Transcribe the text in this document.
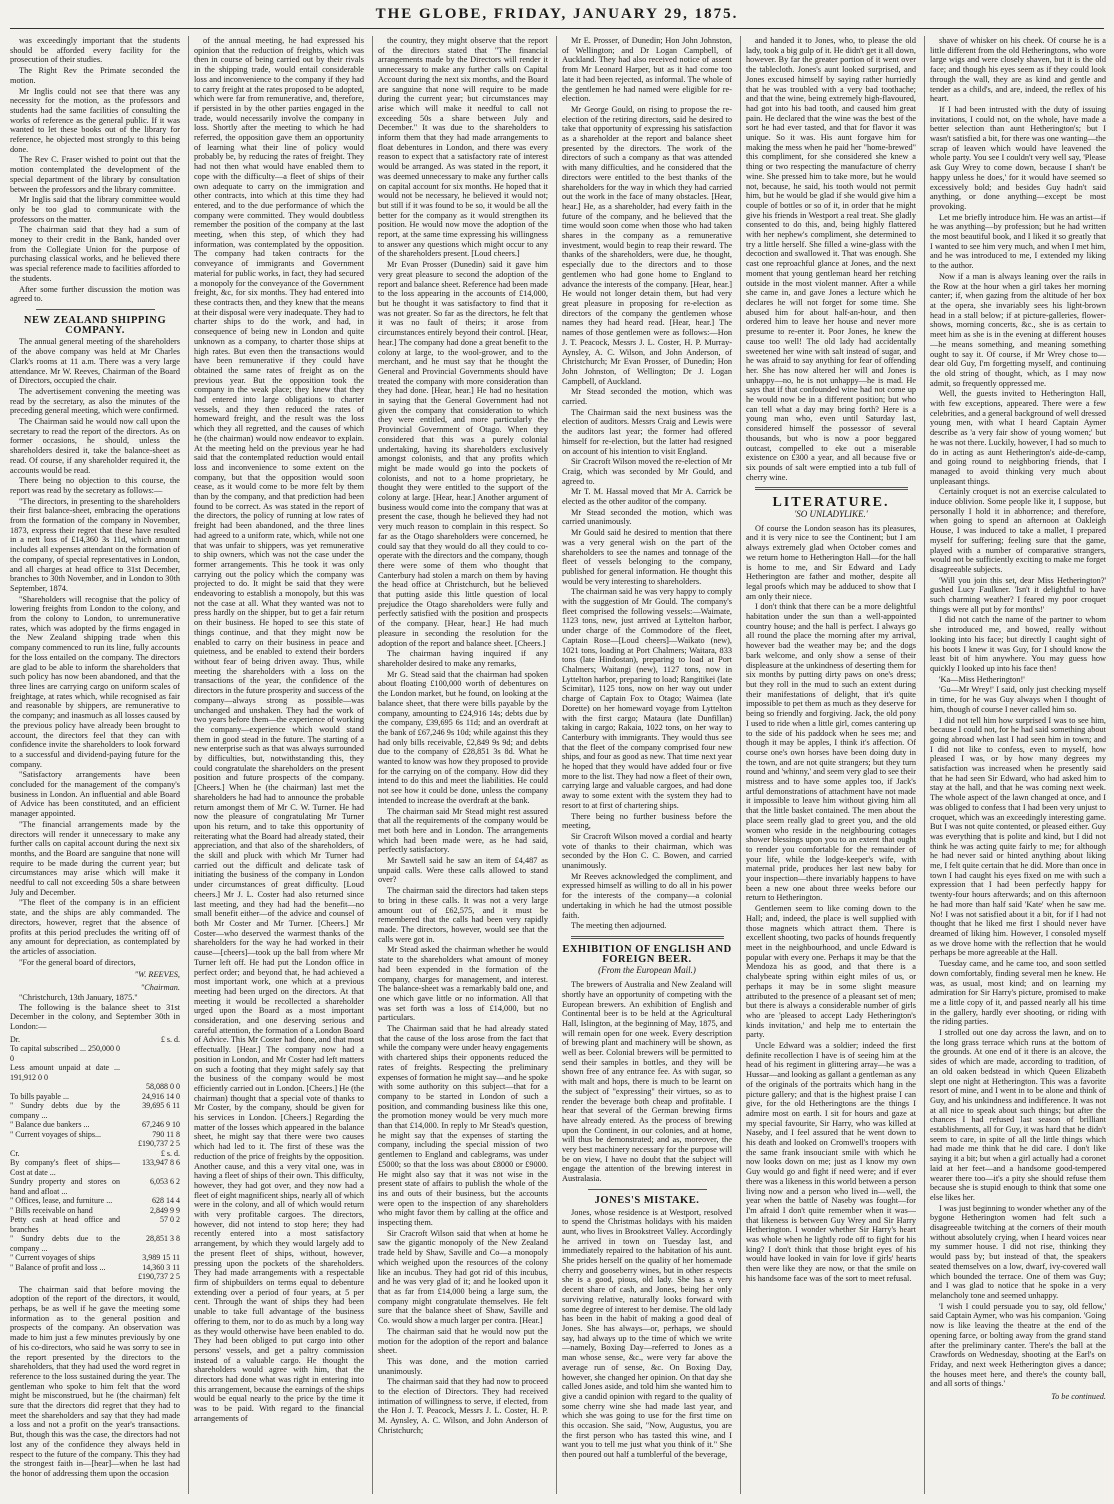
THE GLOBE, FRIDAY, JANUARY 29, 1875.

was exceedingly important that the students should be afforded every facility for the prosecution of their studies.

The Right Rev the Primate seconded the motion.

Mr Inglis could not see that there was any necessity for the motion, as the professors and students had the same facilities of consulting the works of reference as the general public. If it was wanted to let these books out of the library for reference, he objected most strongly to this being done.

The Rev C. Fraser wished to point out that the motion contemplated the development of the special department of the library by consultation between the professors and the library committee.

Mr Inglis said that the library committee would only be too glad to communicate with the professors on the matter.

The chairman said that they had a sum of money to their credit in the Bank, handed over from the Collegiate Union for the purpose of purchasing classical works, and he believed there was special reference made to facilities afforded to the students.

After some further discussion the motion was agreed to.

NEW ZEALAND SHIPPING COMPANY.

The annual general meeting of the shareholders of the above company was held at Mr Charles Clark's rooms at 11 a.m. There was a very large attendance. Mr W. Reeves, Chairman of the Board of Directors, occupied the chair.

The advertisement convening the meeting was read by the secretary, as also the minutes of the preceding general meeting, which were confirmed.

The Chairman said he would now call upon the secretary to read the report of the directors. As on former occasions, he should, unless the shareholders desired it, take the balance-sheet as read. Of course, if any shareholder required it, the accounts would be read.

There being no objection to this course, the report was read by the secretary as follows:—

"The directors, in presenting to the shareholders their first balance-sheet, embracing the operations from the formation of the company in November, 1873, express their regret that these have resulted in a nett loss of £14,360 3s 11d, which amount includes all expenses attendant on the formation of the company, of special representatives in London, and all charges at head office to 31st December, branches to 30th November, and in London to 30th September, 1874.

"Shareholders will recognise that the policy of lowering freights from London to the colony, and from the colony to London, to unremunerative rates, which was adopted by the firms engaged in the New Zealand shipping trade when this company commenced to run its line, fully accounts for the loss entailed on the company. The directors are glad to be able to inform the shareholders that such policy has now been abandoned, and that the three lines are carrying cargo on uniform scales of freightage, at rates which, while recognised as fair and reasonable by shippers, are remunerative to the company; and inasmuch as all losses caused by the previous policy have already been brought to account, the directors feel that they can with confidence invite the shareholders to look forward to a successful and dividend-paying future for the company.

"Satisfactory arrangements have been concluded for the management of the company's business in London. An influential and able Board of Advice has been constituted, and an efficient manager appointed.

"The financial arrangements made by the directors will render it unnecessary to make any further calls on capital account during the next six months, and the Board are sanguine that none will require to be made during the current year; but circumstances may arise which will make it needful to call not exceeding 50s a share between July and December.

"The fleet of the company is in an efficient state, and the ships are ably commanded. The directors, however, regret that the absence of profits at this period precludes the writing off of any amount for depreciation, as contemplated by the articles of association.

"For the general board of directors,

"W. REEVES,
"Chairman.
"Christchurch, 13th January, 1875."

The following is the balance sheet to 31st December in the colony, and September 30th in London:—

Dr.	£ s. d.
To capital subscribed ... 250,000 0 0
Less amount unpaid at date ... 191,912 0 0
58,088 0 0
To bills payable ...	24,916 14 0
" Sundry debts due by the company ...
39,695 6 11
" Balance due bankers ...	67,246 9 10
" Current voyages of ships...	790 11 8
£190,737 2 5
Cr.	£ s. d.
By company's fleet of ships— Cost at date ...
133,947 8 6
Sundry property and stores on hand and afloat ...
6,053 6 2
" Offices, lease, and furniture ...	628 14 4
" Bills receivable on hand	2,849 9 9
Petty cash at head office and branches
57 0 2
" Sundry debts due to the company ...
28,851 3 8
" Current voyages of ships	3,989 15 11
" Balance of profit and loss ...	14,360 3 11
£190,737 2 5

The chairman said that before moving the adoption of the report of the directors, it would, perhaps, be as well if he gave the meeting some information as to the general position and prospects of the company. An observation was made to him just a few minutes previously by one of his co-directors, who said he was sorry to see in the report presented by the directors to the shareholders, that they had used the word regret in reference to the loss sustained during the year. The gentleman who spoke to him felt that the word might be misconstrued, but he (the chairman) felt sure that the directors did regret that they had to meet the shareholders and say that they had made a loss and not a profit on the year's transactions. But, though this was the case, the directors had not lost any of the confidence they always held in respect to the future of the company. This they had the strongest faith in—[hear]—when he last had the honor of addressing them upon the occasion

of the annual meeting, he had expressed his opinion that the reduction of freights, which was then in course of being carried out by their rivals in the shipping trade, would entail considerable loss and inconvenience to the company if they had to carry freight at the rates proposed to be adopted, which were far from remunerative, and, therefore, if persisted in by the other parties engaged in the trade, would necessarily involve the company in loss. Shortly after the meeting to which he had referred, the opposition gave them an opportunity of learning what their line of policy would probably be, by reducing the rates of freight. They had not then what would have enabled them to cope with the difficulty—a fleet of ships of their own adequate to carry on the immigration and other contracts, into which at this time they had entered, and to the due performance of which the company were committed. They would doubtless remember the position of the company at the last meeting, when this step, of which they had information, was contemplated by the opposition. The company had taken contracts for the conveyance of immigrants and Government material for public works, in fact, they had secured a monopoly for the conveyance of the Government freight, &c, for six months. They had entered into these contracts then, and they knew that the means at their disposal were very inadequate. They had to charter ships to do the work, and had, in consequence of being new in London and quite unknown as a company, to charter those ships at high rates. But even then the transactions would have been remunerative if they could have obtained the same rates of freight as on the previous year. But the opposition took the company in the weak place; they knew that they had entered into large obligations to charter vessels, and they then reduced the rates of homeward freight, and the result was the loss which they all regretted, and the causes of which he (the chairman) would now endeavor to explain. At the meeting held on the previous year he had said that the contemplated reduction would entail loss and inconvenience to some extent on the company, but that the opposition would soon cease, as it would come to be more felt by them than by the company, and that prediction had been found to be correct. As was stated in the report of the directors, the policy of running at low rates of freight had been abandoned, and the three lines had agreed to a uniform rate, which, while not one that was unfair to shippers, was yet remunerative to ship owners, which was not the case under the former arrangements. This he took it was only carrying out the policy which the company was projected to do. It might be said that they were endeavoring to establish a monopoly, but this was not the case at all. What they wanted was not to press hardly on the shipper, but to get a fair return on their business. He hoped to see this state of things continue, and that they might now be enabled to carry on their business in peace and quietness, and be enabled to extend their borders without fear of being driven away. Thus, while meeting the shareholders with a loss on the transactions of the year, the confidence of the directors in the future prosperity and success of the company—always strong as possible—was unchanged and unshaken. They had the work of two years before them—the experience of working the company—experience which would stand them in good stead in the future. The starting of a new enterprise such as that was always surrounded by difficulties, but, notwithstanding this, they could congratulate the shareholders on the present position and future prospects of the company. [Cheers.] When he (the chairman) last met the shareholders he had had to announce the probable return amongst them of Mr C. W. Turner. He had now the pleasure of congratulating Mr Turner upon his return, and to take this opportunity of reiterating what the Board had already stated, their appreciation, and that also of the shareholders, of the skill and pluck with which Mr Turner had carried out the difficult and delicate task of initiating the business of the company in London under circumstances of great difficulty. [Loud cheers.] Mr J. L. Coster had also returned since last meeting, and they had had the benefit—no small benefit either—of the advice and counsel of both Mr Coster and Mr Turner. [Cheers.] Mr Coster—who deserved the warmest thanks of the shareholders for the way he had worked in their cause—[cheers]—took up the ball from where Mr Turner left off. He had put the London office in perfect order; and beyond that, he had achieved a most important work, one which at a previous meeting had been urged on the directors. At that meeting it would be recollected a shareholder urged upon the Board as a most important consideration, and one deserving serious and careful attention, the formation of a London Board of Advice. This Mr Coster had done, and that most effectually. [Hear.] The company now had a position in London, and Mr Coster had left matters on such a footing that they might safely say that the business of the company would be most efficiently carried out in London. [Cheers.] He (the chairman) thought that a special vote of thanks to Mr Coster, by the company, should be given for his services in London. [Cheers.] Regarding the matter of the losses which appeared in the balance sheet, he might say that there were two causes which had led to it. The first of these was the reduction of the price of freights by the opposition. Another cause, and this a very vital one, was in having a fleet of ships of their own. This difficulty, however, they had got over, and they now had a fleet of eight magnificent ships, nearly all of which were in the colony, and all of which would return with very profitable cargoes. The directors, however, did not intend to stop here; they had recently entered into a most satisfactory arrangement, by which they would largely add to the present fleet of ships, without, however, pressing upon the pockets of the shareholders. They had made arrangements with a respectable firm of shipbuilders on terms equal to debenture extending over a period of four years, at 5 per cent. Through the want of ships they had been unable to take full advantage of the business offering to them, nor to do as much by a long way as they would otherwise have been enabled to do. They had been obliged to put cargo into other persons' vessels, and get a paltry commission instead of a valuable cargo. He thought the shareholders would agree with him, that the directors had done what was right in entering into this arrangement, because the earnings of the ships would be equal nearly to the price by the time it was to be paid. With regard to the financial arrangements of

the country, they might observe that the report of the directors stated that "The financial arrangements made by the Directors will render it unnecessary to make any further calls on Capital Account during the next six months, and the Board are sanguine that none will require to be made during the current year; but circumstances may arise which will make it needful to call not exceeding 50s a share between July and December." It was due to the shareholders to inform them that they had made arrangements to float debentures in London, and there was every reason to expect that a satisfactory rate of interest would be arranged. As was stated in the report, it was deemed unnecessary to make any further calls on capital account for six months. He hoped that it would not be necessary, he believed it would not; but still if it was found to be so, it would be all the better for the company as it would strengthen its position. He would now move the adoption of the report, at the same time expressing his willingness to answer any questions which might occur to any of the shareholders present. [Loud cheers.]

Mr Evan Prosser (Dunedin) said it gave him very great pleasure to second the adoption of the report and balance sheet. Reference had been made to the loss appearing in the accounts of £14,000, but he thought it was satisfactory to find that it was not greater. So far as the directors, he felt that it was no fault of theirs; it arose from circumstances entirely beyond their control. [Hear, hear.] The company had done a great benefit to the colony at large, to the wool-grower, and to the merchant, and he must say that he thought the General and Provincial Governments should have treated the company with more consideration than they had done. [Hear, hear.] He had no hesitation in saying that the General Government had not given the company that consideration to which they were entitled, and more particularly the Provincial Government of Otago. When they considered that this was a purely colonial undertaking, having its shareholders exclusively amongst colonists, and that any profits which might be made would go into the pockets of colonists, and not to a home proprietary, he thought they were entitled to the support of the colony at large. [Hear, hear.] Another argument of business would come into the company that was at present the case, though he believed they had not very much reason to complain in this respect. So far as the Otago shareholders were concerned, he could say that they would do all they could to co-operate with the directors and the company, though there were some of them who thought that Canterbury had stolen a march on them by having the head office at Christchurch, but he believed that putting aside this little question of local prejudice the Otago shareholders were fully and perfectly satisfied with the position and prospects of the company. [Hear, hear.] He had much pleasure in seconding the resolution for the adoption of the report and balance sheet. [Cheers.]

The chairman having inquired if any shareholder desired to make any remarks,

Mr G. Stead said that the chairman had spoken about floating £100,000 worth of debentures on the London market, but he found, on looking at the balance sheet, that there were bills payable by the company, amounting to £24,916 14s; debts due by the company, £39,695 6s 11d; and an overdraft at the bank of £67,246 9s 10d; while against this they had only bills receivable, £2,849 9s 9d; and debts due to the company of £28,851 3s 8d. What he wanted to know was how they proposed to provide for the carrying on of the company. How did they intend to do this and meet the liabilities. He could not see how it could be done, unless the company intended to increase the overdraft at the bank.

The chairman said Mr Stead might rest assured that all the requirements of the company would be met both here and in London. The arrangements which had been made were, as he had said, perfectly satisfactory.

Mr Sawtell said he saw an item of £4,487 as unpaid calls. Were these calls allowed to stand over?

The chairman said the directors had taken steps to bring in these calls. It was not a very large amount out of £62,575, and it must be remembered that the calls had been very rapidly made. The directors, however, would see that the calls were got in.

Mr Stead asked the chairman whether he would state to the shareholders what amount of money had been expended in the formation of the company, charges for management, and interest. The balance-sheet was a remarkably bald one, and one which gave little or no information. All that was set forth was a loss of £14,000, but no particulars.

The Chairman said that he had already stated that the cause of the loss arose from the fact that while the company were under heavy engagements with chartered ships their opponents reduced the rates of freights. Respecting the preliminary expenses of formation he might say—and he spoke with some authority on this subject—that for a company to be started in London of such a position, and commanding business like this one, the promotion money would be very much more than that £14,000. In reply to Mr Stead's question, he might say that the expenses of starting the company, including the special mission of two gentlemen to England and cablegrams, was under £5000; so that the loss was about £8000 or £9000. He might also say that it was not wise in the present state of affairs to publish the whole of the ins and outs of their business, but the accounts were open to the inspection of any shareholders who might favor them by calling at the office and inspecting them.

Sir Cracroft Wilson said that when at home he saw the gigantic monopoly of the New Zealand trade held by Shaw, Saville and Co—a monopoly which weighed upon the resources of the colony like an incubus. They had got rid of this incubus, and he was very glad of it; and he looked upon it that as far from £14,000 being a large sum, the company might congratulate themselves. He felt sure that the balance sheet of Shaw, Saville and Co. would show a much larger per contra. [Hear.]

The chairman said that he would now put the motion for the adoption of the report and balance sheet.

This was done, and the motion carried unanimously.

The chairman said that they had now to proceed to the election of Directors. They had received intimation of willingness to serve, if elected, from the Hon J. T. Peacock, Messrs J. L. Coster, H. P. M. Aynsley, A. C. Wilson, and John Anderson of Christchurch;

Mr E. Prosser, of Dunedin; Hon John Johnston, of Wellington; and Dr Logan Campbell, of Auckland. They had also received notice of assent from Mr Leonard Harper, but as it had come too late it had been rejected, as informal. The whole of the gentlemen he had named were eligible for re-election.

Mr George Gould, on rising to propose the re-election of the retiring directors, said he desired to take that opportunity of expressing his satisfaction as a shareholder at the report and balance sheet presented by the directors. The work of the directors of such a company as that was attended with many difficulties, and he considered that the directors were entitled to the best thanks of the shareholders for the way in which they had carried out the work in the face of many obstacles. [Hear, hear.] He, as a shareholder, had every faith in the future of the company, and he believed that the time would soon come when those who had taken shares in the company as a remunerative investment, would begin to reap their reward. The thanks of the shareholders, were due, he thought, especially due to the directors and to those gentlemen who had gone home to England to advance the interests of the company. [Hear, hear.] He would not longer detain them, but had very great pleasure in proposing for re-election as directors of the company the gentlemen whose names they had heard read. [Hear, hear.] The names of those gentlemen were as follows:—Hon J. T. Peacock, Messrs J. L. Coster, H. P. Murray-Aynsley, A. C. Wilson, and John Anderson, of Christchurch; Mr Evan Prosser, of Dunedin; Hon John Johnston, of Wellington; Dr J. Logan Campbell, of Auckland.

Mr Stead seconded the motion, which was carried.

The Chairman said the next business was the election of auditors. Messrs Craig and Lewis were the auditors last year; the former had offered himself for re-election, but the latter had resigned on account of his intention to visit England.

Sir Cracroft Wilson moved the re-election of Mr Craig, which was seconded by Mr Gould, and agreed to.

Mr T. M. Hassal moved that Mr A. Carrick be elected as the other auditor of the company.

Mr Stead seconded the motion, which was carried unanimously.

Mr Gould said he desired to mention that there was a very general wish on the part of the shareholders to see the names and tonnage of the fleet of vessels belonging to the company, published for general information. He thought this would be very interesting to shareholders.

The chairman said he was very happy to comply with the suggestion of Mr Gould. The company's fleet comprised the following vessels:—Waimate, 1123 tons, new, just arrived at Lyttelton harbor, under charge of the Commodore of the fleet, Captain Rose—[Loud cheers]—Waikato (new), 1021 tons, loading at Port Chalmers; Waitara, 833 tons (late Hindostan), preparing to load at Port Chalmers; Waitangi (new), 1127 tons, now in Lyttelton harbor, preparing to load; Rangitikei (late Scimitar), 1125 tons, now on her way out under charge of Captain Fox to Otago; Waimea (late Dorette) on her homeward voyage from Lyttelton with the first cargo; Mataura (late Dunfillan) taking in cargo; Rakaia, 1022 tons, on her way to Canterbury with immigrants. They would thus see that the fleet of the company comprised four new ships, and four as good as new. That time next year he hoped that they would have added four or five more to the list. They had now a fleet of their own, carrying large and valuable cargoes, and had done away to some extent with the system they had to resort to at first of chartering ships.

There being no further business before the meeting,

Sir Cracroft Wilson moved a cordial and hearty vote of thanks to their chairman, which was seconded by the Hon C. C. Bowen, and carried unanimously.

Mr Reeves acknowledged the compliment, and expressed himself as willing to do all in his power for the interests of the company—a colonial undertaking in which he had the utmost possible faith.

The meeting then adjourned.

EXHIBITION OF ENGLISH AND FOREIGN BEER.
(From the European Mail.)

The brewers of Australia and New Zealand will shortly have an opportunity of competing with the European brewers. An exhibition of English and Continental beer is to be held at the Agricultural Hall, Islington, at the beginning of May, 1875, and will remain open for one week. Every description of brewing plant and machinery will be shown, as well as beer. Colonial brewers will be permitted to send their samples in bottles, and they will be shown free of any entrance fee. As with sugar, so with malt and hops, there is much to be learnt on the subject of "expressing" their virtues, so as to render the beverage both cheap and profitable. I hear that several of the German brewing firms have already entered. As the process of brewing upon the Continent, in our colonies, and at home, will thus be demonstrated; and as, moreover, the very best machinery necessary for the purpose will be on view, I have no doubt that the subject will engage the attention of the brewing interest in Australasia.

JONES'S MISTAKE.

Jones, whose residence is at Westport, resolved to spend the Christmas holidays with his maiden aunt, who lives in Brookstreet Valley. Accordingly he arrived in town on Tuesday last, and immediately repaired to the habitation of his aunt. She prides herself on the quality of her homemade cherry and gooseberry wines, but in other respects she is a good, pious, old lady. She has a very decent share of cash, and Jones, being her only surviving relative, naturally looks forward with some degree of interest to her demise. The old lady has been in the habit of making a good deal of Jones. She has always—or, perhaps, we should say, had always up to the time of which we write—namely, Boxing Day—referred to Jones as a man whose sense, &c., were very far above the average run of sense, &c. On Boxing Day, however, she changed her opinion. On that day she called Jones aside, and told him she wanted him to give a candid opinion with regard to the quality of some cherry wine she had made last year, and which she was going to use for the first time on this occasion. She said, "Now, Augustus, you are the first person who has tasted this wine, and I want you to tell me just what you think of it." She then poured out half a tumblerful of the beverage,

and handed it to Jones, who, to please the old lady, took a big gulp of it. He didn't get it all down, however. By far the greater portion of it went over the tablecloth. Jones's aunt looked surprised, and Jones excused himself by saying rather hurriedly that he was troubled with a very bad toothache; and that the wine, being extremely high-flavoured, had got into his bad tooth, and caused him great pain. He declared that the wine was the best of the sort he had ever tasted, and that for flavor it was unique. So it was. His aunt forgave him for making the mess when he paid her "home-brewed" this compliment, for she considered she knew a thing or two respecting the manufacture of cherry wine. She pressed him to take more, but he would not, because, he said, his tooth would not permit him, but he would be glad if she would give him a couple of bottles or so of it, in order that he might give his friends in Westport a real treat. She gladly consented to do this, and, being highly flattered with her nephew's compliment, she determined to try a little herself. She filled a wine-glass with the decoction and swallowed it. That was enough. She cast one reproachful glance at Jones, and the next moment that young gentleman heard her retching outside in the most violent manner. After a while she came in, and gave Jones a lecture which he declares he will not forget for some time. She abused him for about half-an-hour, and then ordered him to leave her house and never more presume to re-enter it. Poor Jones, he knew the cause too well! The old lady had accidentally sweetened her wine with salt instead of sugar, and he was afraid to say anything for fear of offending her. She has now altered her will and Jones is unhappy—no, he is not unhappy—he is mad. He says that if that confounded wine had not come up he would now be in a different position; but who can tell what a day may bring forth? Here is a young man who, even until Saturday last, considered himself the possessor of several thousands, but who is now a poor beggared outcast, compelled to eke out a miserable existence on £300 a year, and all because five or six pounds of salt were emptied into a tub full of cherry wine.

LITERATURE.
'SO UNLADYLIKE.'

Of course the London season has its pleasures, and it is very nice to see the Continent; but I am always extremely glad when October comes and we return home to Hetherington Hall—for the hall is home to me, and Sir Edward and Lady Hetherington are father and mother, despite all legal proofs which may be adduced to show that I am only their niece.

I don't think that there can be a more delightful habitation under the sun than a well-appointed country house; and the hall is perfect. I always go all round the place the morning after my arrival, however bad the weather may be; and the dogs bark welcome, and only show a sense of their displeasure at the unkindness of deserting them for six months by putting dirty paws on one's dress; but they roll in the mud to such an extent during their manifestations of delight, that it's quite impossible to pet them as much as they deserve for being so friendly and forgiving. Jack, the old pony I used to ride when a little girl, comes cantering up to the side of his paddock when he sees me; and though it may be apples, I think it's affection. Of course one's own horses have been doing duty in the town, and are not quite strangers; but they turn round and 'whinny,' and seem very glad to see their mistress and to have some apples too, if Jack's artful demonstrations of attachment have not made it impossible to leave him without giving him all that the little basket contained. The men about the place seem really glad to greet you, and the old women who reside in the neighbouring cottages shower blessings upon you to an extent that ought to render you comfortable for the remainder of your life, while the lodge-keeper's wife, with maternal pride, produces her last new baby for your inspection—there invariably happens to have been a new one about three weeks before our return to Hetherington.

Gentlemen seem to like coming down to the Hall; and, indeed, the place is well supplied with those magnets which attract them. There is excellent shooting, two packs of hounds frequently meet in the neighbourhood, and uncle Edward is popular with every one. Perhaps it may be that the Mendoza his as good, and that there is a chalybeate spring within eight miles of us, or perhaps it may be in some slight measure attributed to the presence of a pleasant set of men; but there is always a considerable number of girls who are 'pleased to accept Lady Hetherington's kinds invitation,' and help me to entertain the party.

Uncle Edward was a soldier; indeed the first definite recollection I have is of seeing him at the head of his regiment in glittering array—he was a Hussar—and looking as gallant a gentleman as any of the originals of the portraits which hang in the picture gallery; and that is the highest praise I can give, for the old Hetheringtons are the things I admire most on earth. I sit for hours and gaze at my special favourite, Sir Harry, who was killed at Naseby, and I feel assured that he went down to his death and looked on Cromwell's troopers with the same frank insouciant smile with which he now looks down on me; just as I know my own Guy would go and fight if need were; and if ever there was a likeness in this world between a person living now and a person who lived in—well, the year when the battle of Naseby was fought—for I'm afraid I don't quite remember when it was—that likeness is between Guy Wrey and Sir Harry Hetherington. I wonder whether Sir Harry's heart was whole when he lightly rode off to fight for his king? I don't think that those bright eyes of his would have looked in vain for love if girls' hearts then were like they are now, or that the smile on his handsome face was of the sort to meet refusal.

shave of whisker on his cheek. Of course he is a little different from the old Hetheringtons, who wore large wigs and were closely shaven, but it is the old face; and though his eyes seem as if they could look through the wall, they are as kind and gentle and tender as a child's, and are, indeed, the reflex of his heart.

If I had been intrusted with the duty of issuing invitations, I could not, on the whole, have made a better selection than aunt Hetherington's; but I wasn't satisfied a bit, for there was one wanting—the scrap of leaven which would have leavened the whole party. You see I couldn't very well say, 'Please ask Guy Wrey to come down, because I shan't be happy unless he does,' for it would have seemed so excessively bold; and besides Guy hadn't said anything, or done anything—except be most provoking.

Let me briefly introduce him. He was an artist—if he was anything—by profession; but he had written the most beautiful book, and I liked it so greatly that I wanted to see him very much, and when I met him, and he was introduced to me, I extended my liking to the author.

Now if a man is always leaning over the rails in the Row at the hour when a girl takes her morning canter; if, when gazing from the altitude of her box at the opera, she invariably sees his light-brown head in a stall below; if at picture-galleries, flower-shows, morning concerts, &c., she is as certain to meet him as she is in the evening at different houses—he means something, and meaning something ought to say it. Of course, if Mr Wrey chose to—dear old Guy, I'm forgetting myself, and continuing the old string of thought, which, as I may now admit, so frequently oppressed me.

Well, the guests invited to Hetherington Hall, with few exceptions, appeared. There were a few celebrities, and a general background of well dressed young men, with what I heard Captain Aymer describe as 'a very fair show of young women;' but he was not there. Luckily, however, I had so much to do in acting as aunt Hetherington's aide-de-camp, and going round to neighboring friends, that I managed to avoid thinking very much about unpleasant things.

Certainly croquet is not an exercise calculated to induce oblivion. Some people like it, I suppose, but personally I hold it in abhorrence; and therefore, when going to spend an afternoon at Oakleigh House, I was induced to take a mallet, I prepared myself for suffering; feeling sure that the game, played with a number of comparative strangers, would not be sufficiently exciting to make me forget disagreeable subjects.

'Will you join this set, dear Miss Hetherington?' gushed Lucy Faulkner. 'Isn't it delightful to have such charming weather? I feared my poor croquet things were all put by for months!'

I did not catch the name of the partner to whom she introduced me, and bowed, really without looking into his face; but directly I caught sight of his boots I knew it was Guy, for I should know the least bit of him anywhere. You may guess how quickly I looked up into his face then!

'Ka—Miss Hetherington!'

'Gu—Mr Wrey!' I said, only just checking myself in time, for he was Guy always when I thought of him, though of course I never called him so.

I did not tell him how surprised I was to see him, because I could not, for he had said something about going abroad when last I had seen him in town; and I did not like to confess, even to myself, how pleased I was, or by how many degrees my satisfaction was increased when he presently said that he had seen Sir Edward, who had asked him to stay at the hall, and that he was coming next week. The whole aspect of the lawn changed at once, and I was obliged to confess that I had been very unjust to croquet, which was an exceedingly interesting game. But I was not quite contented, or pleased either. Guy was everything that is polite and kind, but I did not think he was acting quite fairly to me; for although he had never said or hinted anything about liking me, I felt quite certain that he did. More than once in town I had caught his eyes fixed on me with such a expression that I had been perfectly happy for twenty-four hours afterwards; and on this afternoon he had more than half said 'Kate' when he saw me. No! I was not satisfied about it a bit, for if I had not thought that he liked me first I should never have dreamed of liking him. However, I consoled myself as we drove home with the reflection that he would perhaps be more agreeable at the Hall.

Tuesday came, and he came too, and soon settled down comfortably, finding several men he knew. He was, as usual, most kind; and on learning my admiration for Sir Harry's picture, promised to make me a little copy of it, and passed nearly all his time in the gallery, hardly ever shooting, or riding with the riding parties.

I strolled out one day across the lawn, and on to the long grass terrace which runs at the bottom of the grounds. At one end of it there is an alcove, the sides of which are made, according to tradition, of an old oaken bedstead in which Queen Elizabeth slept one night at Hetherington. This was a favorite resort of mine, and I went in to be alone and think of Guy, and his unkindness and indifference. It was not at all nice to speak about such things; but after the chances I had refused last season of brilliant establishments, all for Guy, it was hard that he didn't seem to care, in spite of all the little things which had made me think that he did care. I don't like saying it a bit; but when a girl actually had a coronet laid at her feet—and a handsome good-tempered wearer there too—it's a pity she should refuse them because she is stupid enough to think that some one else likes her.

I was just beginning to wonder whether any of the bygone Hetherington women had felt such a disagreeable twitching at the corners of their mouth without absolutely crying, when I heard voices near my summer house. I did not rise, thinking they would pass by; but instead of that, the speakers seated themselves on a low, dwarf, ivy-covered wall which bounded the terrace. One of them was Guy; and I was glad to notice that he spoke in a very melancholy tone and seemed unhappy.

'I wish I could persuade you to say, old fellow,' said Captain Aymer, who was his companion. 'Going now is like leaving the theatre at the end of the opening farce, or bolting away from the grand stand after the preliminary canter. There's the ball at the Crawfords on Wednesday, shooting at the Earl's on Friday, and next week Hetherington gives a dance; the houses meet here, and there's the county ball, and all sorts of things.'

To be continued.
